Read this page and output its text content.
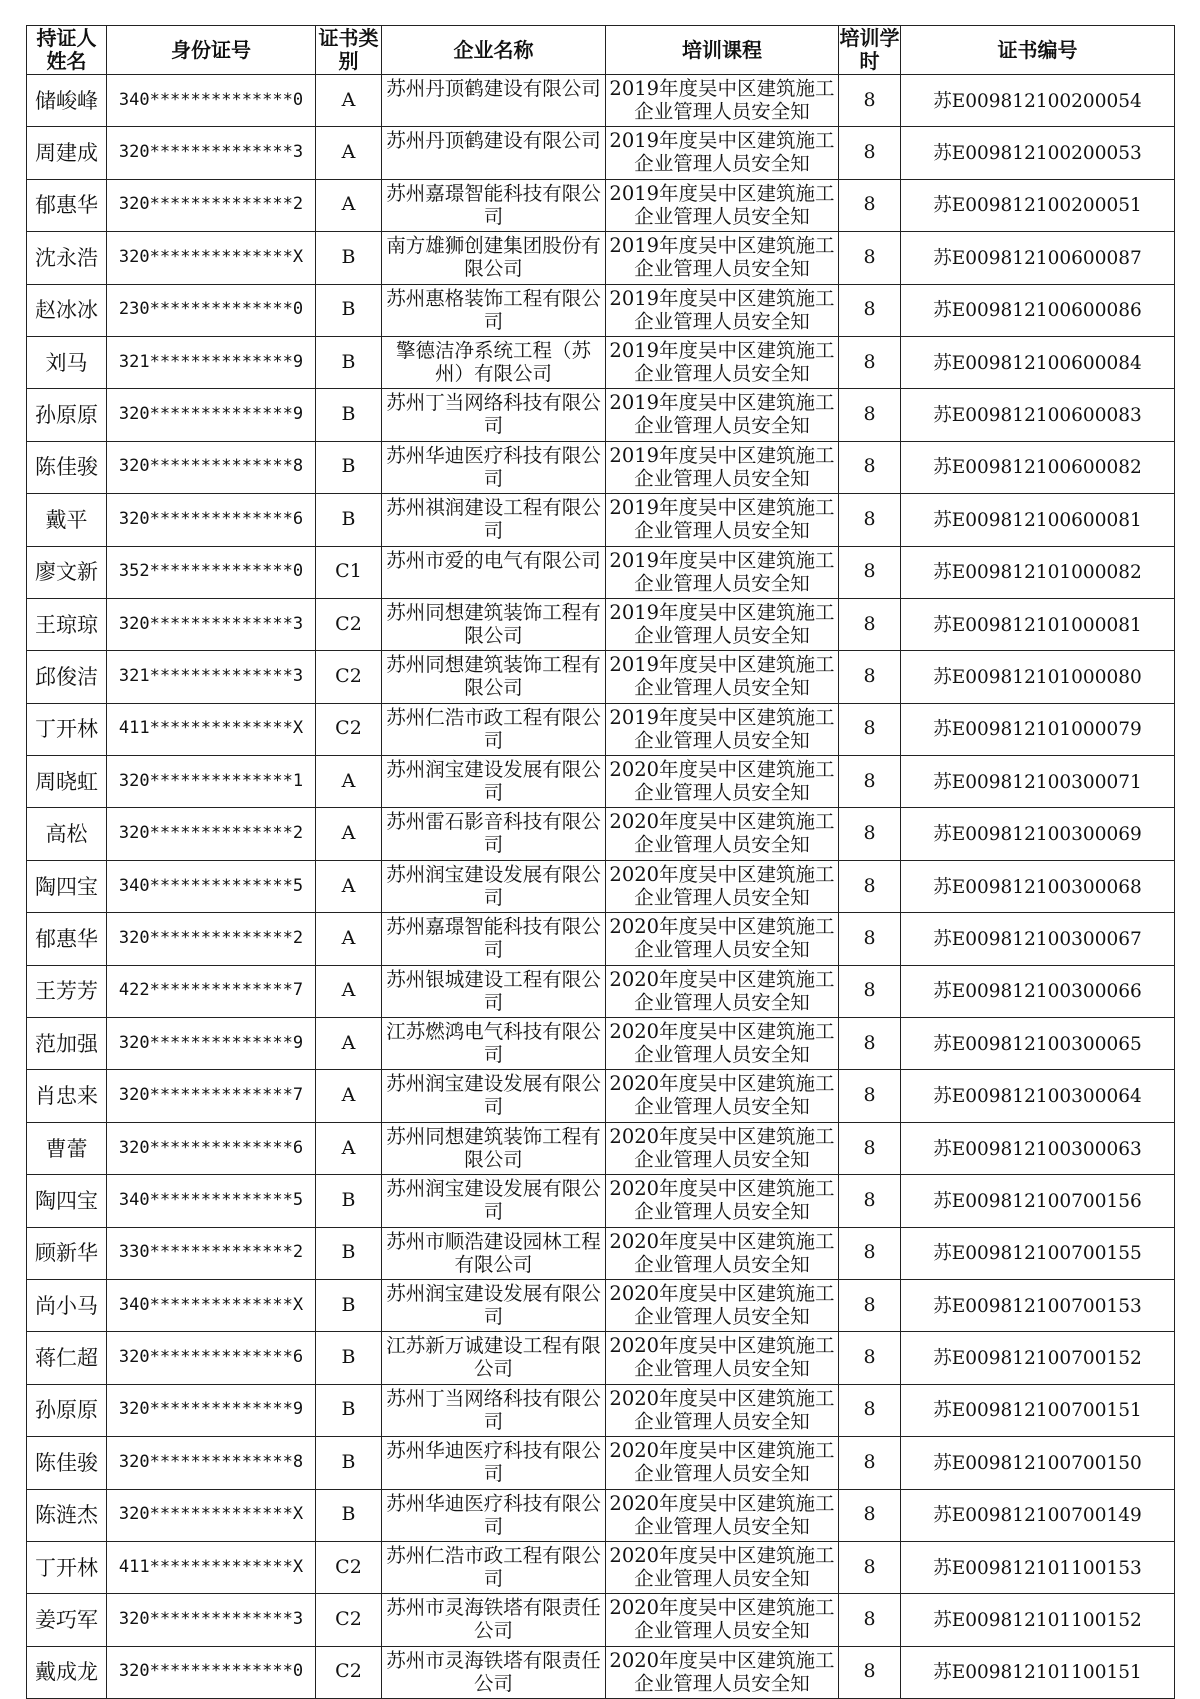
持证人姓名	身份证号	证书类别	企业名称	培训课程	培训学时	证书编号

储峻峰	340**************0	A	苏州丹顶鹤建设有限公司	2019年度吴中区建筑施工企业管理人员安全知	8	苏E009812100200054

周建成	320**************3	A	苏州丹顶鹤建设有限公司	2019年度吴中区建筑施工企业管理人员安全知	8	苏E009812100200053

郁惠华	320**************2	A	苏州嘉璟智能科技有限公司	2019年度吴中区建筑施工企业管理人员安全知	8	苏E009812100200051

沈永浩	320**************X	B	南方雄狮创建集团股份有限公司	2019年度吴中区建筑施工企业管理人员安全知	8	苏E009812100600087

赵冰冰	230**************0	B	苏州惠格装饰工程有限公司	2019年度吴中区建筑施工企业管理人员安全知	8	苏E009812100600086

刘马	321**************9	B	擎德洁净系统工程（苏州）有限公司	2019年度吴中区建筑施工企业管理人员安全知	8	苏E009812100600084

孙原原	320**************9	B	苏州丁当网络科技有限公司	2019年度吴中区建筑施工企业管理人员安全知	8	苏E009812100600083

陈佳骏	320**************8	B	苏州华迪医疗科技有限公司	2019年度吴中区建筑施工企业管理人员安全知	8	苏E009812100600082

戴平	320**************6	B	苏州祺润建设工程有限公司	2019年度吴中区建筑施工企业管理人员安全知	8	苏E009812100600081

廖文新	352**************0	C1	苏州市爱的电气有限公司	2019年度吴中区建筑施工企业管理人员安全知	8	苏E009812101000082

王琼琼	320**************3	C2	苏州同想建筑装饰工程有限公司	2019年度吴中区建筑施工企业管理人员安全知	8	苏E009812101000081

邱俊洁	321**************3	C2	苏州同想建筑装饰工程有限公司	2019年度吴中区建筑施工企业管理人员安全知	8	苏E009812101000080

丁开林	411**************X	C2	苏州仁浩市政工程有限公司	2019年度吴中区建筑施工企业管理人员安全知	8	苏E009812101000079

周晓虹	320**************1	A	苏州润宝建设发展有限公司	2020年度吴中区建筑施工企业管理人员安全知	8	苏E009812100300071

高松	320**************2	A	苏州雷石影音科技有限公司	2020年度吴中区建筑施工企业管理人员安全知	8	苏E009812100300069

陶四宝	340**************5	A	苏州润宝建设发展有限公司	2020年度吴中区建筑施工企业管理人员安全知	8	苏E009812100300068

郁惠华	320**************2	A	苏州嘉璟智能科技有限公司	2020年度吴中区建筑施工企业管理人员安全知	8	苏E009812100300067

王芳芳	422**************7	A	苏州银城建设工程有限公司	2020年度吴中区建筑施工企业管理人员安全知	8	苏E009812100300066

范加强	320**************9	A	江苏燃鸿电气科技有限公司	2020年度吴中区建筑施工企业管理人员安全知	8	苏E009812100300065

肖忠来	320**************7	A	苏州润宝建设发展有限公司	2020年度吴中区建筑施工企业管理人员安全知	8	苏E009812100300064

曹蕾	320**************6	A	苏州同想建筑装饰工程有限公司	2020年度吴中区建筑施工企业管理人员安全知	8	苏E009812100300063

陶四宝	340**************5	B	苏州润宝建设发展有限公司	2020年度吴中区建筑施工企业管理人员安全知	8	苏E009812100700156

顾新华	330**************2	B	苏州市顺浩建设园林工程有限公司	2020年度吴中区建筑施工企业管理人员安全知	8	苏E009812100700155

尚小马	340**************X	B	苏州润宝建设发展有限公司	2020年度吴中区建筑施工企业管理人员安全知	8	苏E009812100700153

蒋仁超	320**************6	B	江苏新万诚建设工程有限公司	2020年度吴中区建筑施工企业管理人员安全知	8	苏E009812100700152

孙原原	320**************9	B	苏州丁当网络科技有限公司	2020年度吴中区建筑施工企业管理人员安全知	8	苏E009812100700151

陈佳骏	320**************8	B	苏州华迪医疗科技有限公司	2020年度吴中区建筑施工企业管理人员安全知	8	苏E009812100700150

陈涟杰	320**************X	B	苏州华迪医疗科技有限公司	2020年度吴中区建筑施工企业管理人员安全知	8	苏E009812100700149

丁开林	411**************X	C2	苏州仁浩市政工程有限公司	2020年度吴中区建筑施工企业管理人员安全知	8	苏E009812101100153

姜巧军	320**************3	C2	苏州市灵海铁塔有限责任公司	2020年度吴中区建筑施工企业管理人员安全知	8	苏E009812101100152

戴成龙	320**************0	C2	苏州市灵海铁塔有限责任公司	2020年度吴中区建筑施工企业管理人员安全知	8	苏E009812101100151
